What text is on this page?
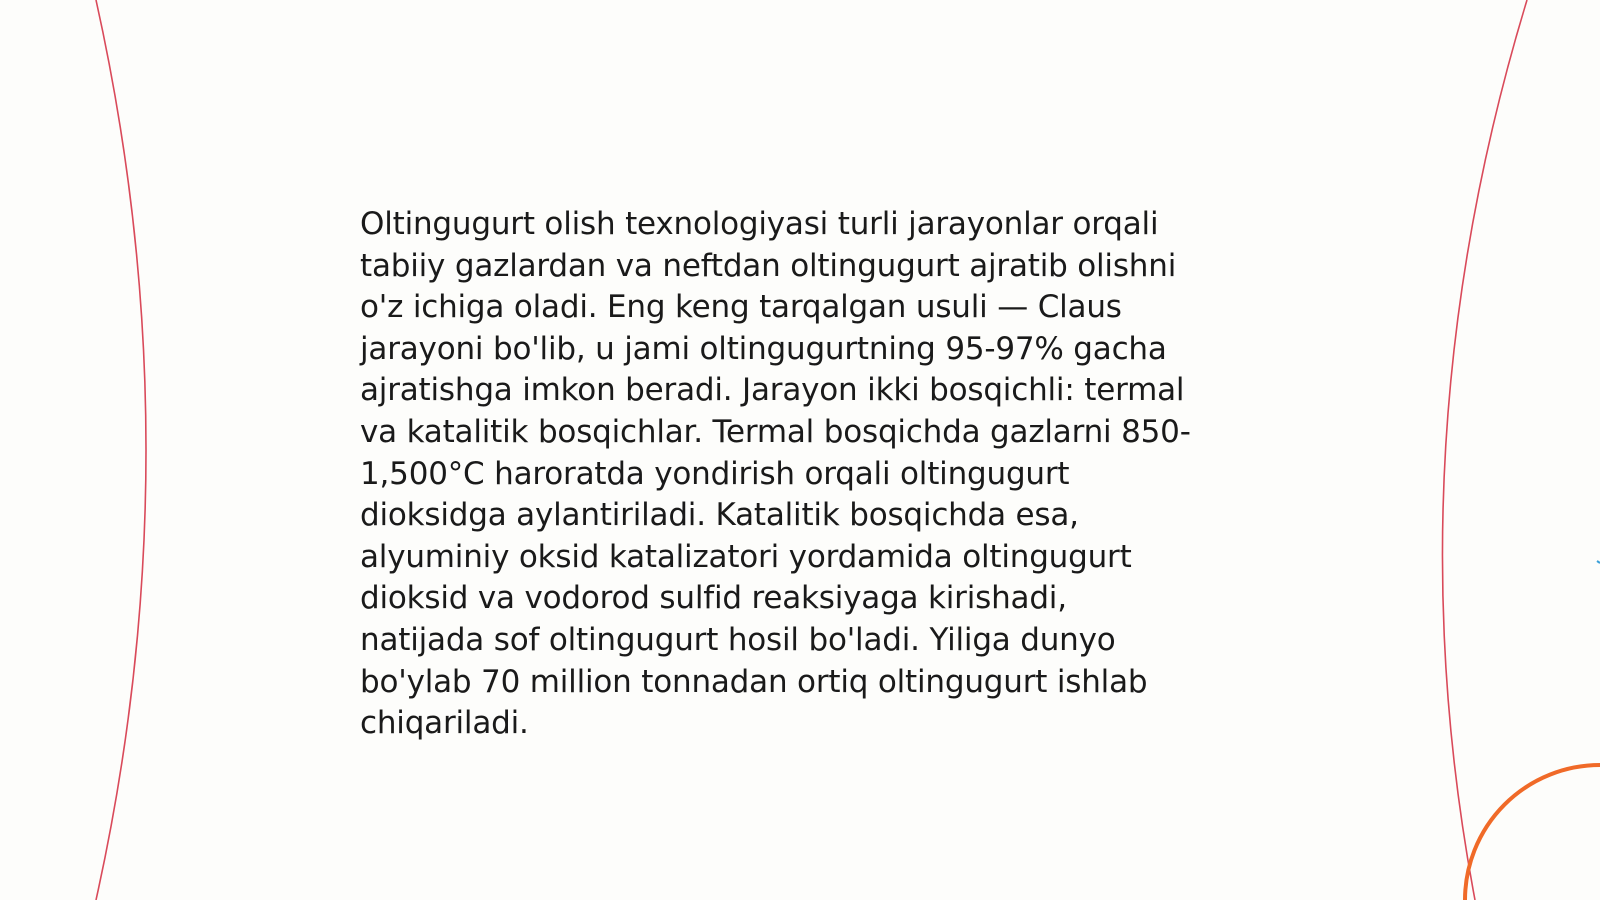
Oltingugurt olish texnologiyasi turli jarayonlar orqali
tabiiy gazlardan va neftdan oltingugurt ajratib olishni
o'z ichiga oladi. Eng keng tarqalgan usuli — Claus
jarayoni bo'lib, u jami oltingugurtning 95-97% gacha
ajratishga imkon beradi. Jarayon ikki bosqichli: termal
va katalitik bosqichlar. Termal bosqichda gazlarni 850-
1,500°C haroratda yondirish orqali oltingugurt
dioksidga aylantiriladi. Katalitik bosqichda esa,
alyuminiy oksid katalizatori yordamida oltingugurt
dioksid va vodorod sulfid reaksiyaga kirishadi,
natijada sof oltingugurt hosil bo'ladi. Yiliga dunyo
bo'ylab 70 million tonnadan ortiq oltingugurt ishlab
chiqariladi.
